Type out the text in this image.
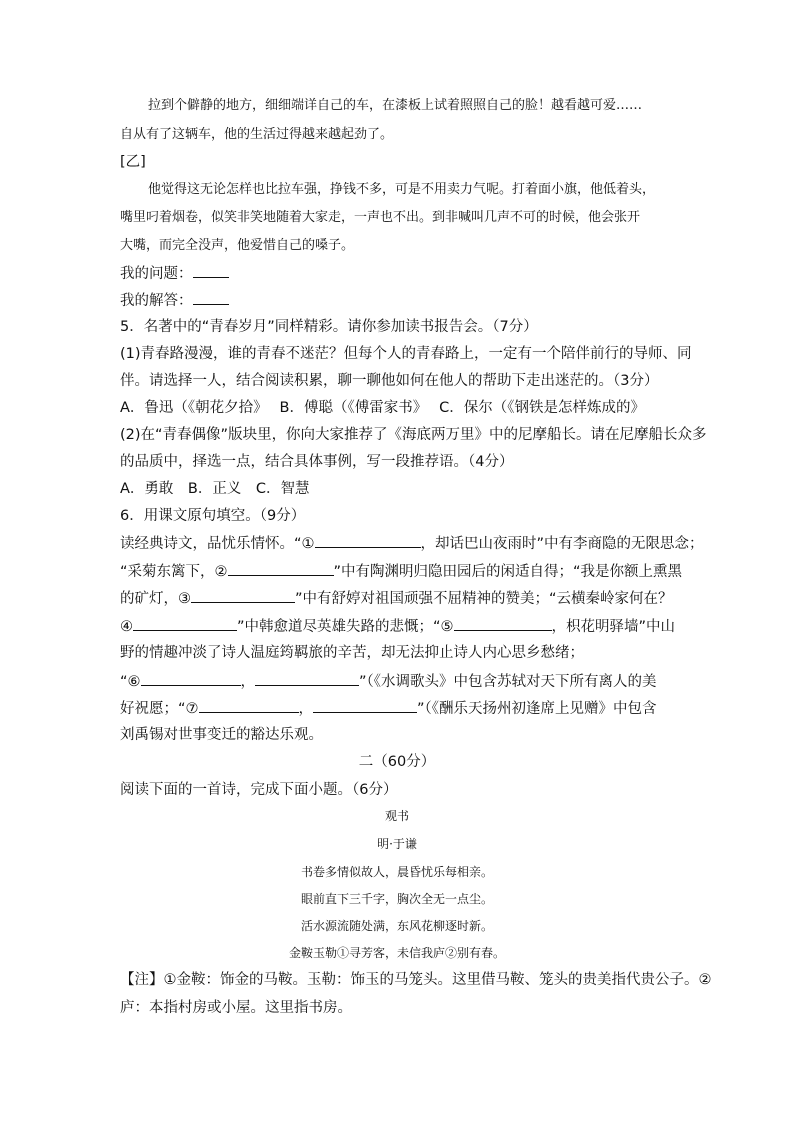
拉到个僻静的地方，细细端详自己的车，在漆板上试着照照自己的脸！越看越可爱……
自从有了这辆车，他的生活过得越来越起劲了。
[乙]
他觉得这无论怎样也比拉车强，挣钱不多，可是不用卖力气呢。打着面小旗，他低着头，
嘴里叼着烟卷，似笑非笑地随着大家走，一声也不出。到非喊叫几声不可的时候，他会张开
大嘴，而完全没声，他爱惜自己的嗓子。
我的问题：
我的解答：
5．名著中的“青春岁月”同样精彩。请你参加读书报告会。（7分）
(1)青春路漫漫，谁的青春不迷茫？但每个人的青春路上，一定有一个陪伴前行的导师、同
伴。请选择一人，结合阅读积累，聊一聊他如何在他人的帮助下走出迷茫的。（3分）
A．鲁迅（《朝花夕拾》　 B．傅聪（《傅雷家书》　 C．保尔（《钢铁是怎样炼成的》
(2)在“青春偶像”版块里，你向大家推荐了《海底两万里》中的尼摩船长。请在尼摩船长众多
的品质中，择选一点，结合具体事例，写一段推荐语。（4分）
A．勇敢　B．正义　C．智慧
6．用课文原句填空。（9分）
读经典诗文，品忧乐情怀。“①	，却话巴山夜雨时”中有李商隐的无限思念；
“采菊东篱下，②	”中有陶渊明归隐田园后的闲适自得；“我是你额上熏黑
的矿灯，③	”中有舒婷对祖国顽强不屈精神的赞美；“云横秦岭家何在？
④	”中韩愈道尽英雄失路的悲慨；“⑤	，枳花明驿墙”中山
野的情趣冲淡了诗人温庭筠羁旅的辛苦，却无法抑止诗人内心思乡愁绪；
“⑥	，	”（《水调歌头》中包含苏轼对天下所有离人的美
好祝愿；“⑦	，	”（《酬乐天扬州初逢席上见赠》中包含
刘禹锡对世事变迁的豁达乐观。
二（60分）
阅读下面的一首诗，完成下面小题。（6分）
观书
明·于谦
书卷多情似故人，晨昏忧乐每相亲。
眼前直下三千字，胸次全无一点尘。
活水源流随处满，东风花柳逐时新。
金鞍玉勒①寻芳客，未信我庐②别有春。
【注】①金鞍：饰金的马鞍。玉勒：饰玉的马笼头。这里借马鞍、笼头的贵美指代贵公子。②
庐：本指村房或小屋。这里指书房。
